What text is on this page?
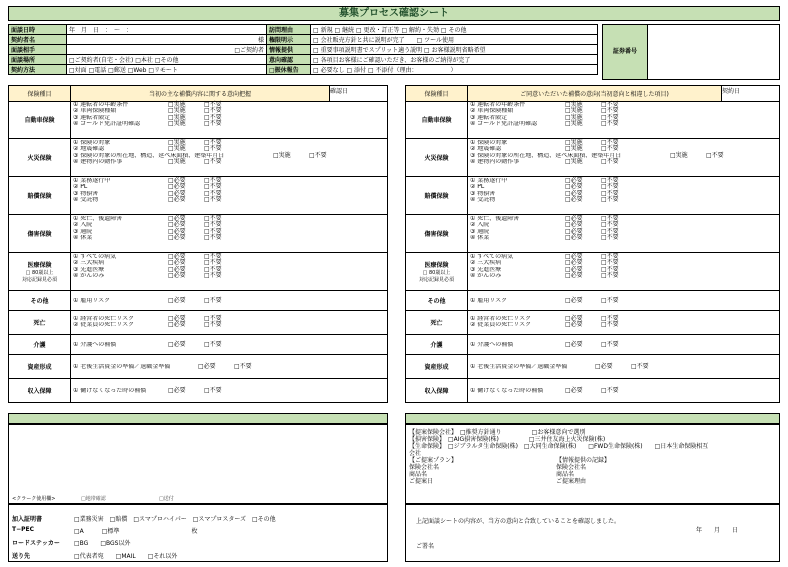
募集プロセス確認シート
面談日時	年　月　日　：　～　：	訪問理由	□ 新規 □ 継続 □ 更改・訂正等 □ 解約・失効 □ その他
契約者名	様	権限明示	□ 会社販売方針と共に説明が完了　　□ ツール使用
面談相手	□ご契約者	情報提供	□ 重要事項説明書でスプリット適う説明 □ お客様説明省略希望
面談場所	□ご契約者(自宅・会社) □本社 □その他	意向確認	□ 各項目お客様にご確認いただき、お客様のご納得が完了
契約方法	□対面 □電話 □郵送 □Web □リモート	□振休報告	□ 必要なし □ 添付 □ 不添付（理由：　　　　　　）
証券番号
保険種目	当初の主な補償内容に関する意向把握	確認日
自動車保険
① 運転者の年齢条件	□実施	□不要
② 車両保険種類	□実施	□不要
③ 運転者限定	□実施	□不要
④ ゴールド免許証明確認	□実施	□不要
火災保険
① 保険の対象	□実施	□不要
② 地震確認	□実施	□不要
③ 保険の対象の所在地、構造、延べ床面積、建築年月日	□実施	□不要
④ 建物内の動作事	□実施	□不要
賠償保険
① 業務遂行中	□必要	□不要
② PL	□必要	□不要
③ 物損害	□必要	□不要
④ 受託物	□必要	□不要
傷害保険
① 死亡、後遺障害	□必要	□不要
② 入院	□必要	□不要
③ 通院	□必要	□不要
④ 休業	□必要	□不要
医療保険
□ 80歳以上
対応記録見必須
① すべての病気	□必要	□不要
② 三大疾病	□必要	□不要
③ 先進医療	□必要	□不要
④ がんのみ	□必要	□不要
その他	① 雇用リスク	□必要	□不要
死亡
① 経営者の死亡リスク	□必要	□不要
② 従業員の死亡リスク	□必要	□不要
介護	① 介護への補償	□必要	□不要
資産形成	① 老後生活資金の準備／退職金準備	□必要	□不要
収入保障	① 働けなくなった時の補償	□必要	□不要
保険種目	ご同意いただいた補償の意向(当初意向と相違した項目)	契約日
自動車保険
① 運転者の年齢条件	□実施	□不要
② 車両保険種類	□実施	□不要
③ 運転者限定	□実施	□不要
④ ゴールド免許証明確認	□実施	□不要
火災保険
① 保険の対象	□実施	□不要
② 地震確認	□実施	□不要
③ 保険の対象の所在地、構造、延べ床面積、建築年月日	□実施	□不要
④ 建物内の動作事	□実施	□不要
賠償保険
① 業務遂行中	□必要	□不要
② PL	□必要	□不要
③ 物損害	□必要	□不要
④ 受託物	□必要	□不要
傷害保険
① 死亡、後遺障害	□必要	□不要
② 入院	□必要	□不要
③ 通院	□必要	□不要
④ 休業	□必要	□不要
医療保険
□ 80歳以上
対応記録見必須
① すべての病気	□必要	□不要
② 三大疾病	□必要	□不要
③ 先進医療	□必要	□不要
④ がんのみ	□必要	□不要
その他	① 雇用リスク	□必要	□不要
死亡
① 経営者の死亡リスク	□必要	□不要
② 従業員の死亡リスク	□必要	□不要
介護	① 介護への補償	□必要	□不要
資産形成	① 老後生活資金の準備／退職金準備	□必要	□不要
収入保障	① 働けなくなった時の補償	□必要	□不要
<クラーク使用欄>	□地帯確認	□送付
加入証明書	□業務災害　□賠償　□スマプロハイパー　□スマプロスターズ　□その他
T−PEC	□A　　　□標準　　　　　　　　　　　　枚
ロードステッカー □BG　　□BGS以外
送り先	□代表者宛　　□MAIL　　□それ以外
【提案保険会社】　□推奨方針通り　　　　　□お客様意向で選別
【損害保険】　□AIG損害保険(株)　　　　　□三井住友海上火災保険(株)
【生命保険】　□ジブラルタ生命保険(株)　□大同生命保険(株)　　□FWD生命保険(株)　　□日本生命保険相互
会社
【ご提案プラン】	【情報提供の記録】
保険会社名	保険会社名
商品名	商品名
ご提案日	ご提案理由
上記面談シートの内容が、当方の意向と合致していることを確認しました。
年　　月　　日
ご署名
